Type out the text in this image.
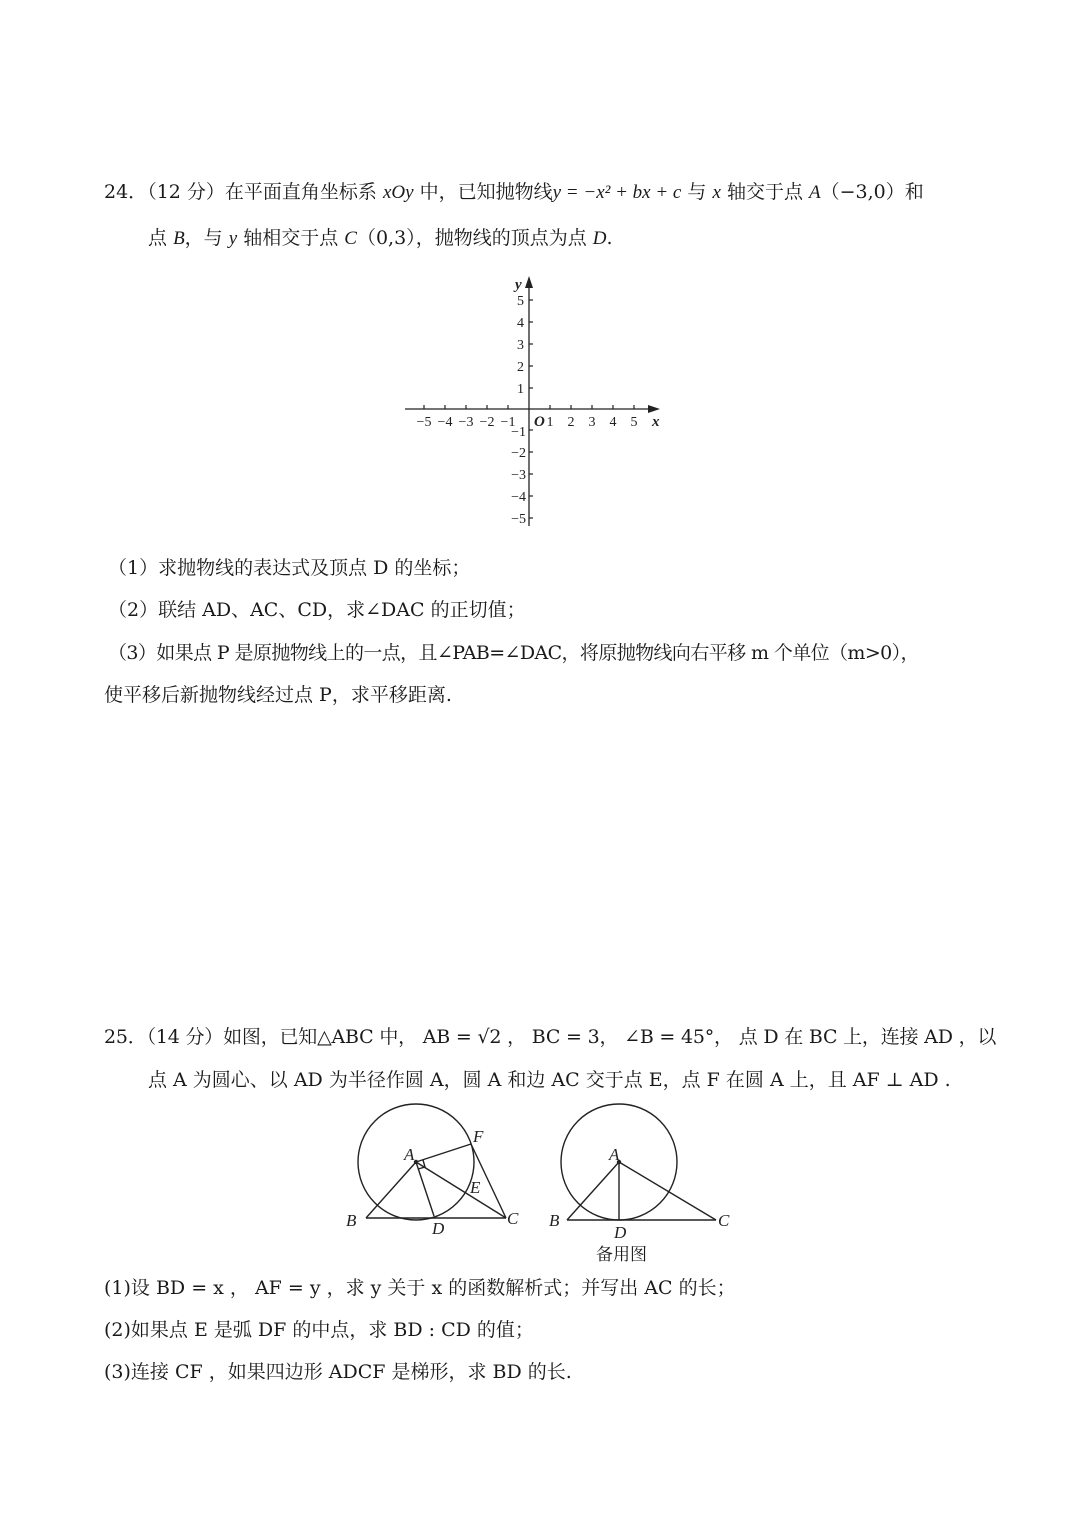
24．（12 分）在平面直角坐标系 xOy 中，已知抛物线y = −x² + bx + c 与 x 轴交于点 A（−3,0）和
点 B，与 y 轴相交于点 C（0,3），抛物线的顶点为点 D.
−5 −4 −3 −2 −1 1 2 3 4 5
5
4
3
2
1
−1
−2
−3
−4
−5
O	x
y
（1）求抛物线的表达式及顶点 D 的坐标；
（2）联结 AD、AC、CD，求∠DAC 的正切值；
（3）如果点 P 是原抛物线上的一点，且∠PAB=∠DAC，将原抛物线向右平移 m 个单位（m>0），
使平移后新抛物线经过点 P，求平移距离.
25．（14 分）如图，已知△ABC 中， AB = √2 ， BC = 3， ∠B = 45°， 点 D 在 BC 上，连接 AD ，以
点 A 为圆心、以 AD 为半径作圆 A，圆 A 和边 AC 交于点 E，点 F 在圆 A 上，且 AF ⊥ AD .
A
B	C
D
E
F
A
B	C
D
备用图
(1)设 BD = x ， AF = y ，求 y 关于 x 的函数解析式；并写出 AC 的长；
(2)如果点 E 是弧 DF 的中点，求 BD : CD 的值；
(3)连接 CF ，如果四边形 ADCF 是梯形，求 BD 的长.
